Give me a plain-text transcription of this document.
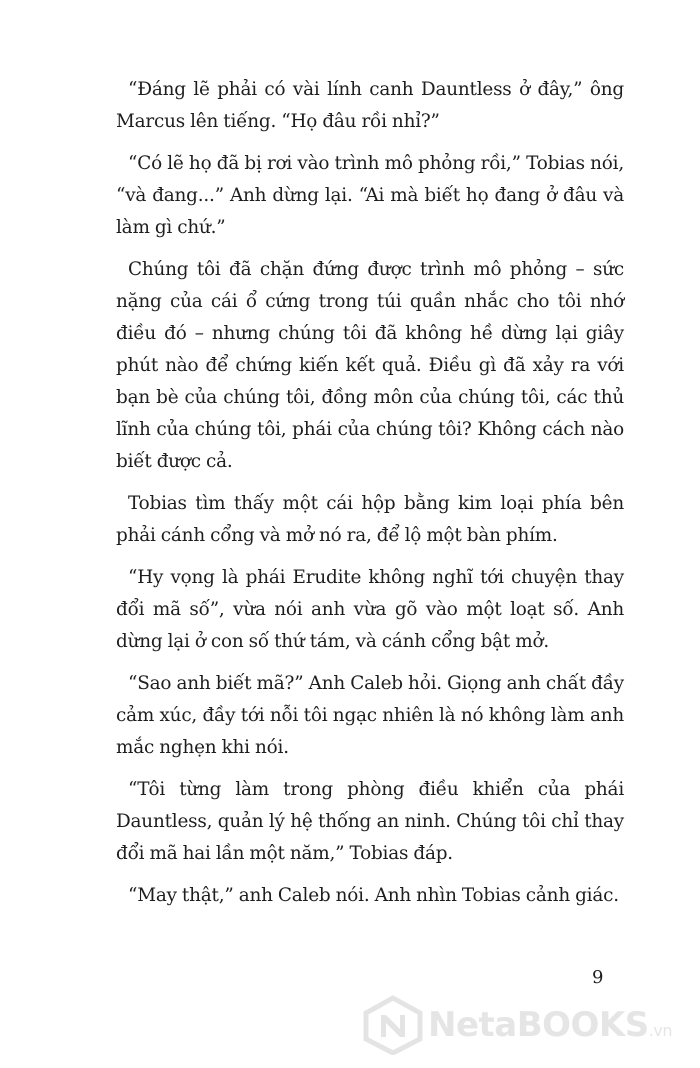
“Đáng lẽ phải có vài lính canh Dauntless ở đây,” ông Marcus lên tiếng. “Họ đâu rồi nhỉ?”

“Có lẽ họ đã bị rơi vào trình mô phỏng rồi,” Tobias nói, “và đang...” Anh dừng lại. “Ai mà biết họ đang ở đâu và làm gì chứ.”

Chúng tôi đã chặn đứng được trình mô phỏng – sức nặng của cái ổ cứng trong túi quần nhắc cho tôi nhớ điều đó – nhưng chúng tôi đã không hề dừng lại giây phút nào để chứng kiến kết quả. Điều gì đã xảy ra với bạn bè của chúng tôi, đồng môn của chúng tôi, các thủ lĩnh của chúng tôi, phái của chúng tôi? Không cách nào biết được cả.

Tobias tìm thấy một cái hộp bằng kim loại phía bên phải cánh cổng và mở nó ra, để lộ một bàn phím.

“Hy vọng là phái Erudite không nghĩ tới chuyện thay đổi mã số”, vừa nói anh vừa gõ vào một loạt số. Anh dừng lại ở con số thứ tám, và cánh cổng bật mở.

“Sao anh biết mã?” Anh Caleb hỏi. Giọng anh chất đầy cảm xúc, đầy tới nỗi tôi ngạc nhiên là nó không làm anh mắc nghẹn khi nói.

“Tôi từng làm trong phòng điều khiển của phái Dauntless, quản lý hệ thống an ninh. Chúng tôi chỉ thay đổi mã hai lần một năm,” Tobias đáp.

“May thật,” anh Caleb nói. Anh nhìn Tobias cảnh giác.

9
NetaBOOKS.vn
